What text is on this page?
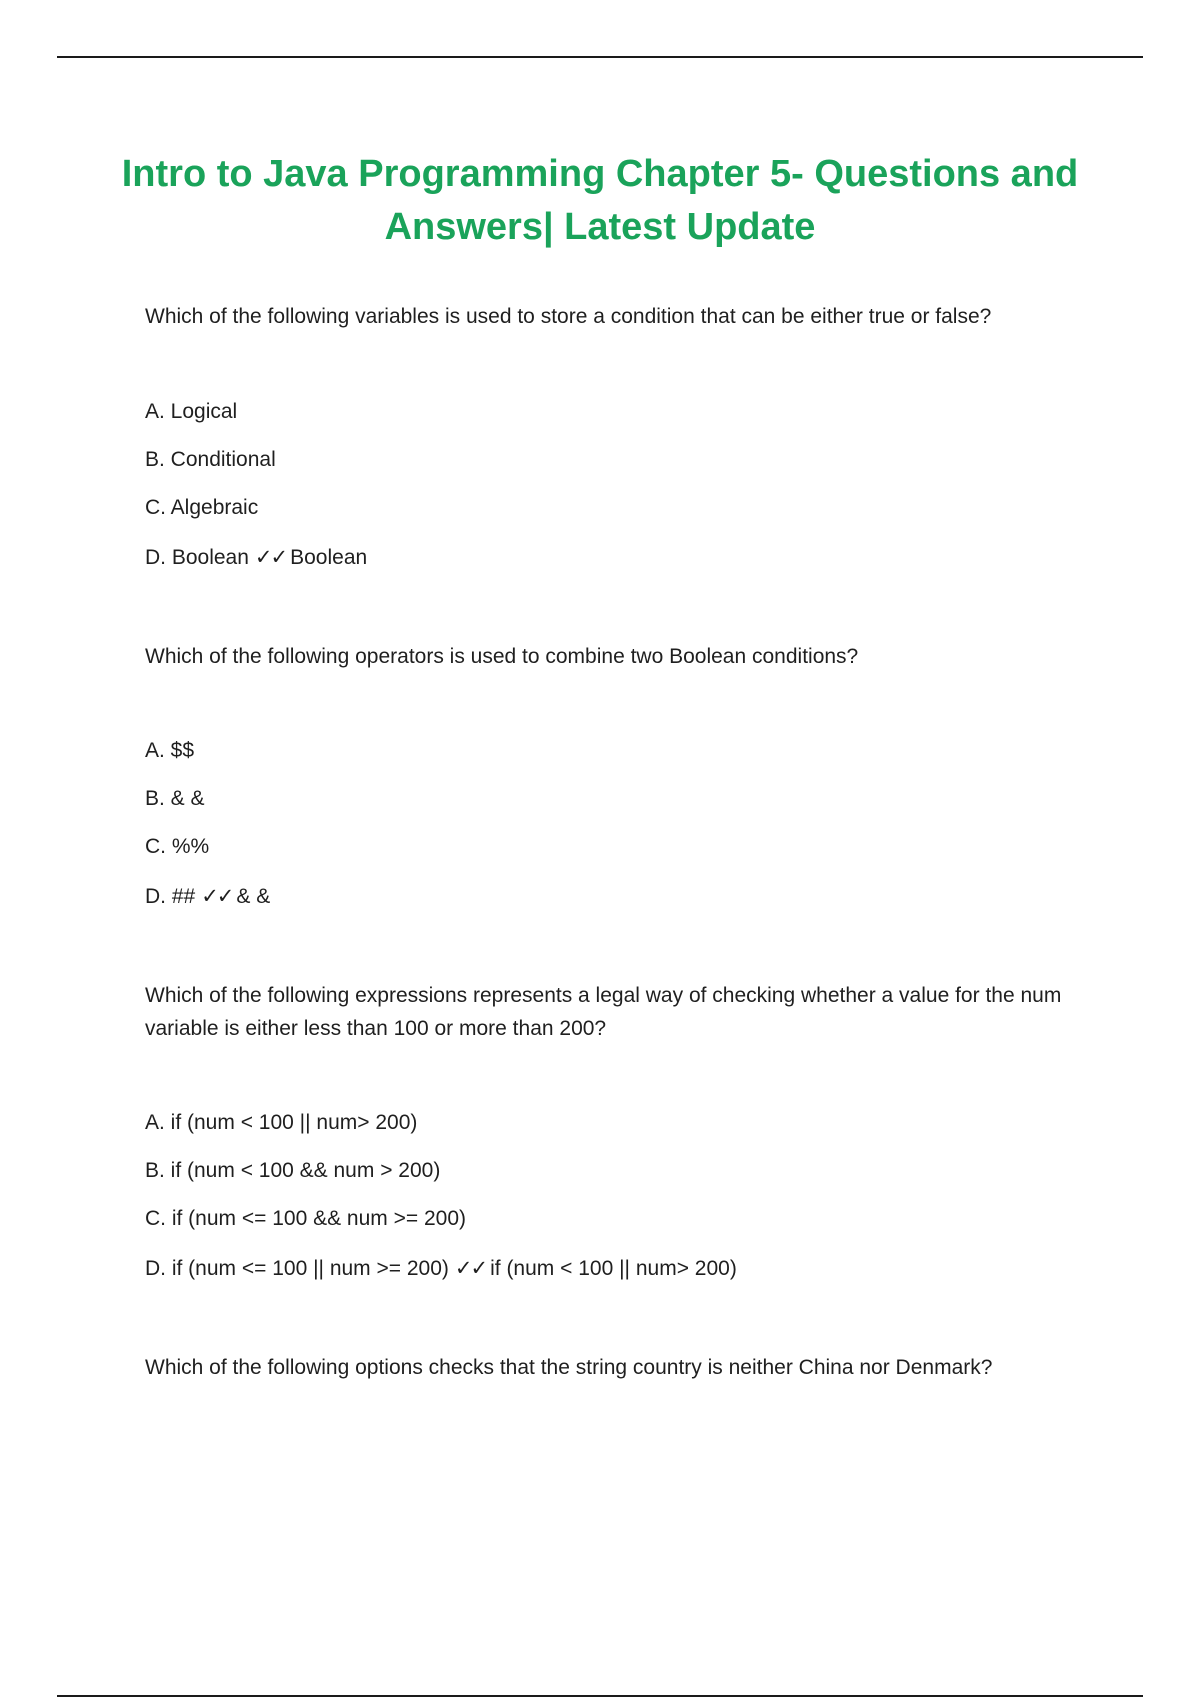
Intro to Java Programming Chapter 5- Questions and Answers| Latest Update

Which of the following variables is used to store a condition that can be either true or false?

A. Logical

B. Conditional

C. Algebraic

D. Boolean ✓✓ Boolean

Which of the following operators is used to combine two Boolean conditions?

A. $$

B. & &

C. %%

D. ## ✓✓ & &

Which of the following expressions represents a legal way of checking whether a value for the num variable is either less than 100 or more than 200?

A. if (num < 100 || num> 200)

B. if (num < 100 && num > 200)

C. if (num <= 100 && num >= 200)

D. if (num <= 100 || num >= 200) ✓✓ if (num < 100 || num> 200)

Which of the following options checks that the string country is neither China nor Denmark?
